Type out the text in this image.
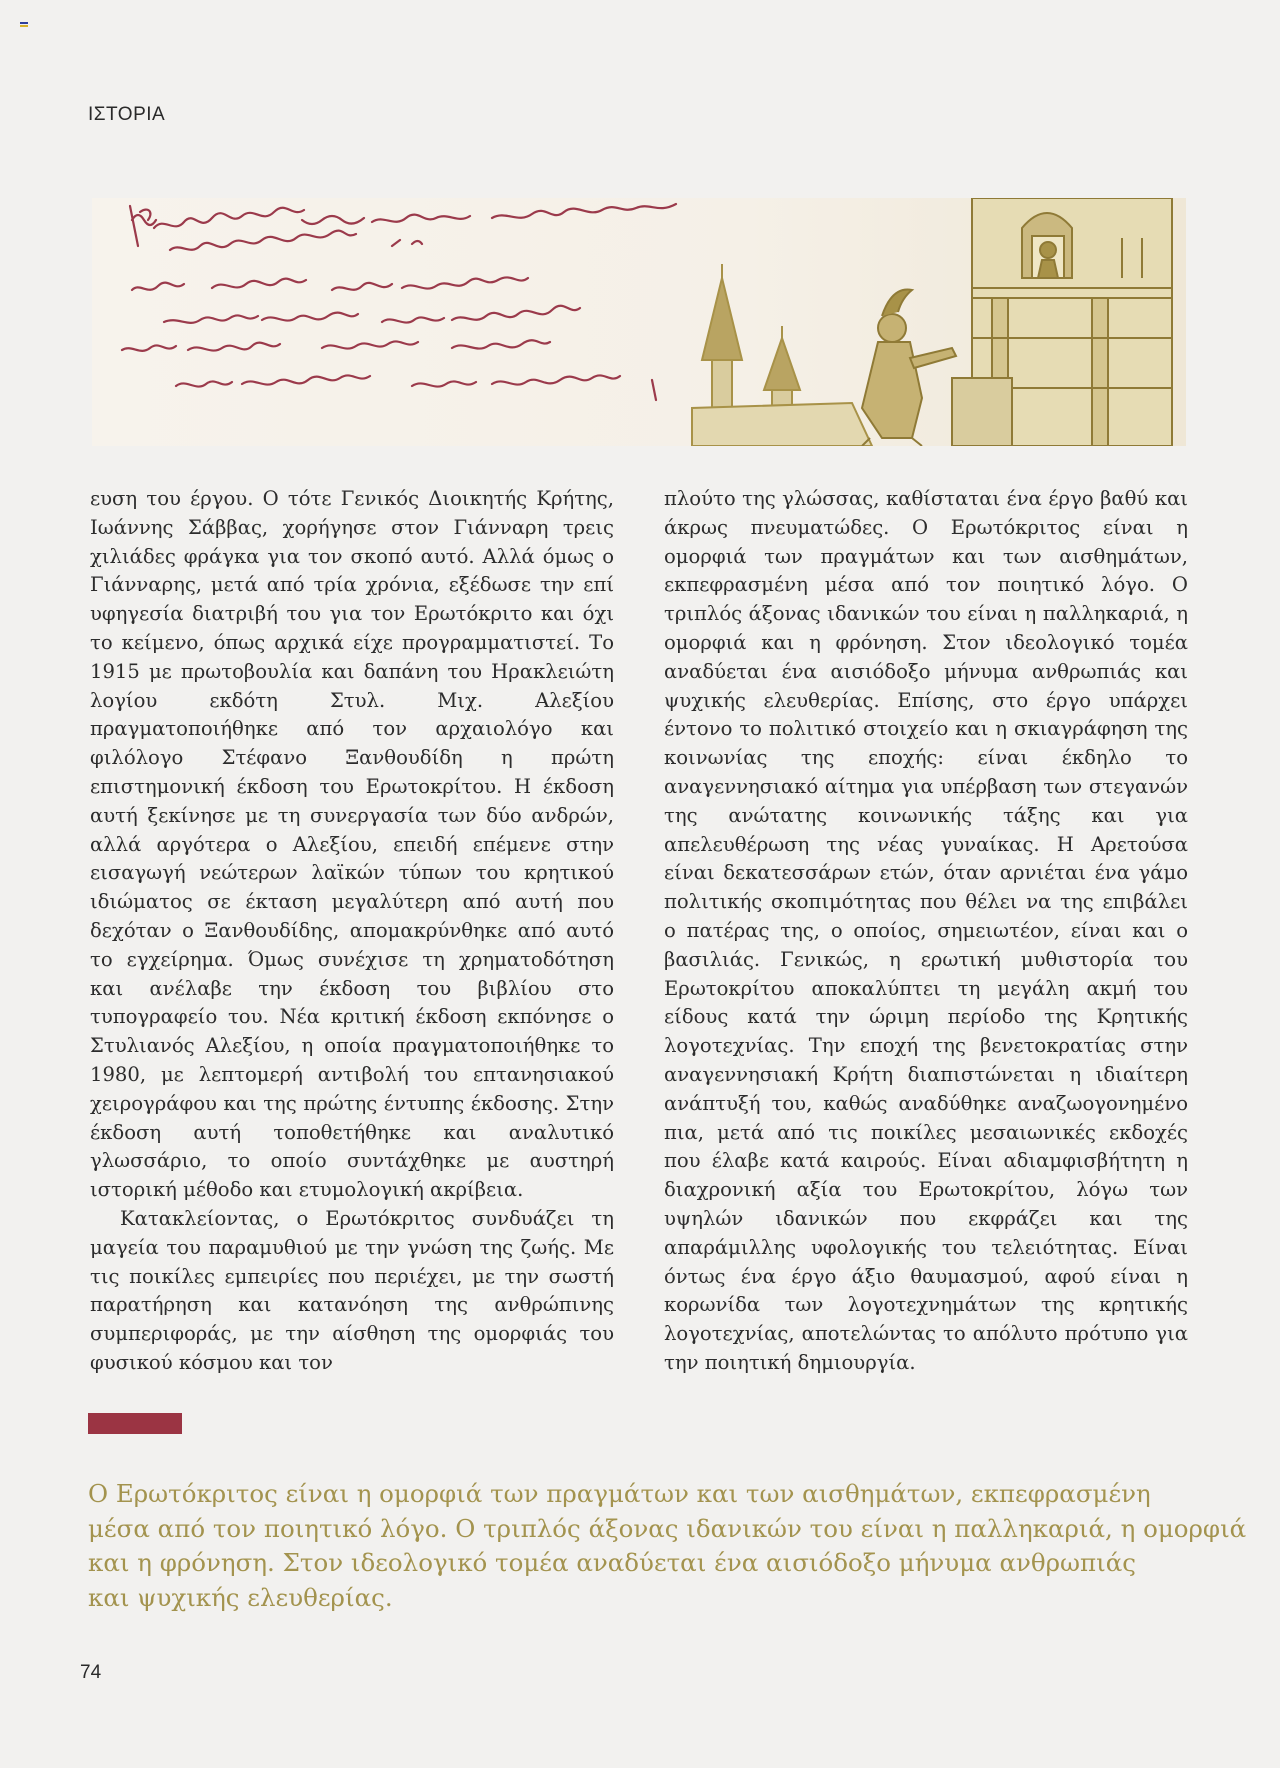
ΙΣΤΟΡΙΑ

ευση του έργου. Ο τότε Γενικός Διοικητής Κρήτης, Ιωάννης Σάββας, χορήγησε στον Γιάνναρη τρεις χιλιάδες φράγκα για τον σκοπό αυτό. Αλλά όμως ο Γιάνναρης, μετά από τρία χρόνια, εξέδωσε την επί υφηγεσία διατριβή του για τον Ερωτόκριτο και όχι το κείμενο, όπως αρχικά είχε προγραμματιστεί. Το 1915 με πρωτοβουλία και δαπάνη του Ηρακλειώτη λογίου εκδότη Στυλ. Μιχ. Αλεξίου πραγματοποιήθηκε από τον αρχαιολόγο και φιλόλογο Στέφανο Ξανθουδίδη η πρώτη επιστημονική έκδοση του Ερωτοκρίτου. Η έκδοση αυτή ξεκίνησε με τη συνεργασία των δύο ανδρών, αλλά αργότερα ο Αλεξίου, επειδή επέμενε στην εισαγωγή νεώτερων λαϊκών τύπων του κρητικού ιδιώματος σε έκταση μεγαλύτερη από αυτή που δεχόταν ο Ξανθουδίδης, απομακρύνθηκε από αυτό το εγχείρημα. Όμως συνέχισε τη χρηματοδότηση και ανέλαβε την έκδοση του βιβλίου στο τυπογραφείο του. Νέα κριτική έκδοση εκπόνησε ο Στυλιανός Αλεξίου, η οποία πραγματοποιήθηκε το 1980, με λεπτομερή αντιβολή του επτανησιακού χειρογράφου και της πρώτης έντυπης έκδοσης. Στην έκδοση αυτή τοποθετήθηκε και αναλυτικό γλωσσάριο, το οποίο συντάχθηκε με αυστηρή ιστορική μέθοδο και ετυμολογική ακρίβεια.

Κατακλείοντας, ο Ερωτόκριτος συνδυάζει τη μαγεία του παραμυθιού με την γνώση της ζωής. Με τις ποικίλες εμπειρίες που περιέχει, με την σωστή παρατήρηση και κατανόηση της ανθρώπινης συμπεριφοράς, με την αίσθηση της ομορφιάς του φυσικού κόσμου και τον

πλούτο της γλώσσας, καθίσταται ένα έργο βαθύ και άκρως πνευματώδες. Ο Ερωτόκριτος είναι η ομορφιά των πραγμάτων και των αισθημάτων, εκπεφρασμένη μέσα από τον ποιητικό λόγο. Ο τριπλός άξονας ιδανικών του είναι η παλληκαριά, η ομορφιά και η φρόνηση. Στον ιδεολογικό τομέα αναδύεται ένα αισιόδοξο μήνυμα ανθρωπιάς και ψυχικής ελευθερίας. Επίσης, στο έργο υπάρχει έντονο το πολιτικό στοιχείο και η σκιαγράφηση της κοινωνίας της εποχής: είναι έκδηλο το αναγεννησιακό αίτημα για υπέρβαση των στεγανών της ανώτατης κοινωνικής τάξης και για απελευθέρωση της νέας γυναίκας. Η Αρετούσα είναι δεκατεσσάρων ετών, όταν αρνιέται ένα γάμο πολιτικής σκοπιμότητας που θέλει να της επιβάλει ο πατέρας της, ο οποίος, σημειωτέον, είναι και ο βασιλιάς. Γενικώς, η ερωτική μυθιστορία του Ερωτοκρίτου αποκαλύπτει τη μεγάλη ακμή του είδους κατά την ώριμη περίοδο της Κρητικής λογοτεχνίας. Την εποχή της βενετοκρατίας στην αναγεννησιακή Κρήτη διαπιστώνεται η ιδιαίτερη ανάπτυξή του, καθώς αναδύθηκε αναζωογονημένο πια, μετά από τις ποικίλες μεσαιωνικές εκδοχές που έλαβε κατά καιρούς. Είναι αδιαμφισβήτητη η διαχρονική αξία του Ερωτοκρίτου, λόγω των υψηλών ιδανικών που εκφράζει και της απαράμιλλης υφολογικής του τελειότητας. Είναι όντως ένα έργο άξιο θαυμασμού, αφού είναι η κορωνίδα των λογοτεχνημάτων της κρητικής λογοτεχνίας, αποτελώντας το απόλυτο πρότυπο για την ποιητική δημιουργία.

Ο Ερωτόκριτος είναι η ομορφιά των πραγμάτων και των αισθημάτων, εκπεφρασμένη
μέσα από τον ποιητικό λόγο. Ο τριπλός άξονας ιδανικών του είναι η παλληκαριά, η ομορφιά
και η φρόνηση. Στον ιδεολογικό τομέα αναδύεται ένα αισιόδοξο μήνυμα ανθρωπιάς
και ψυχικής ελευθερίας.
74
